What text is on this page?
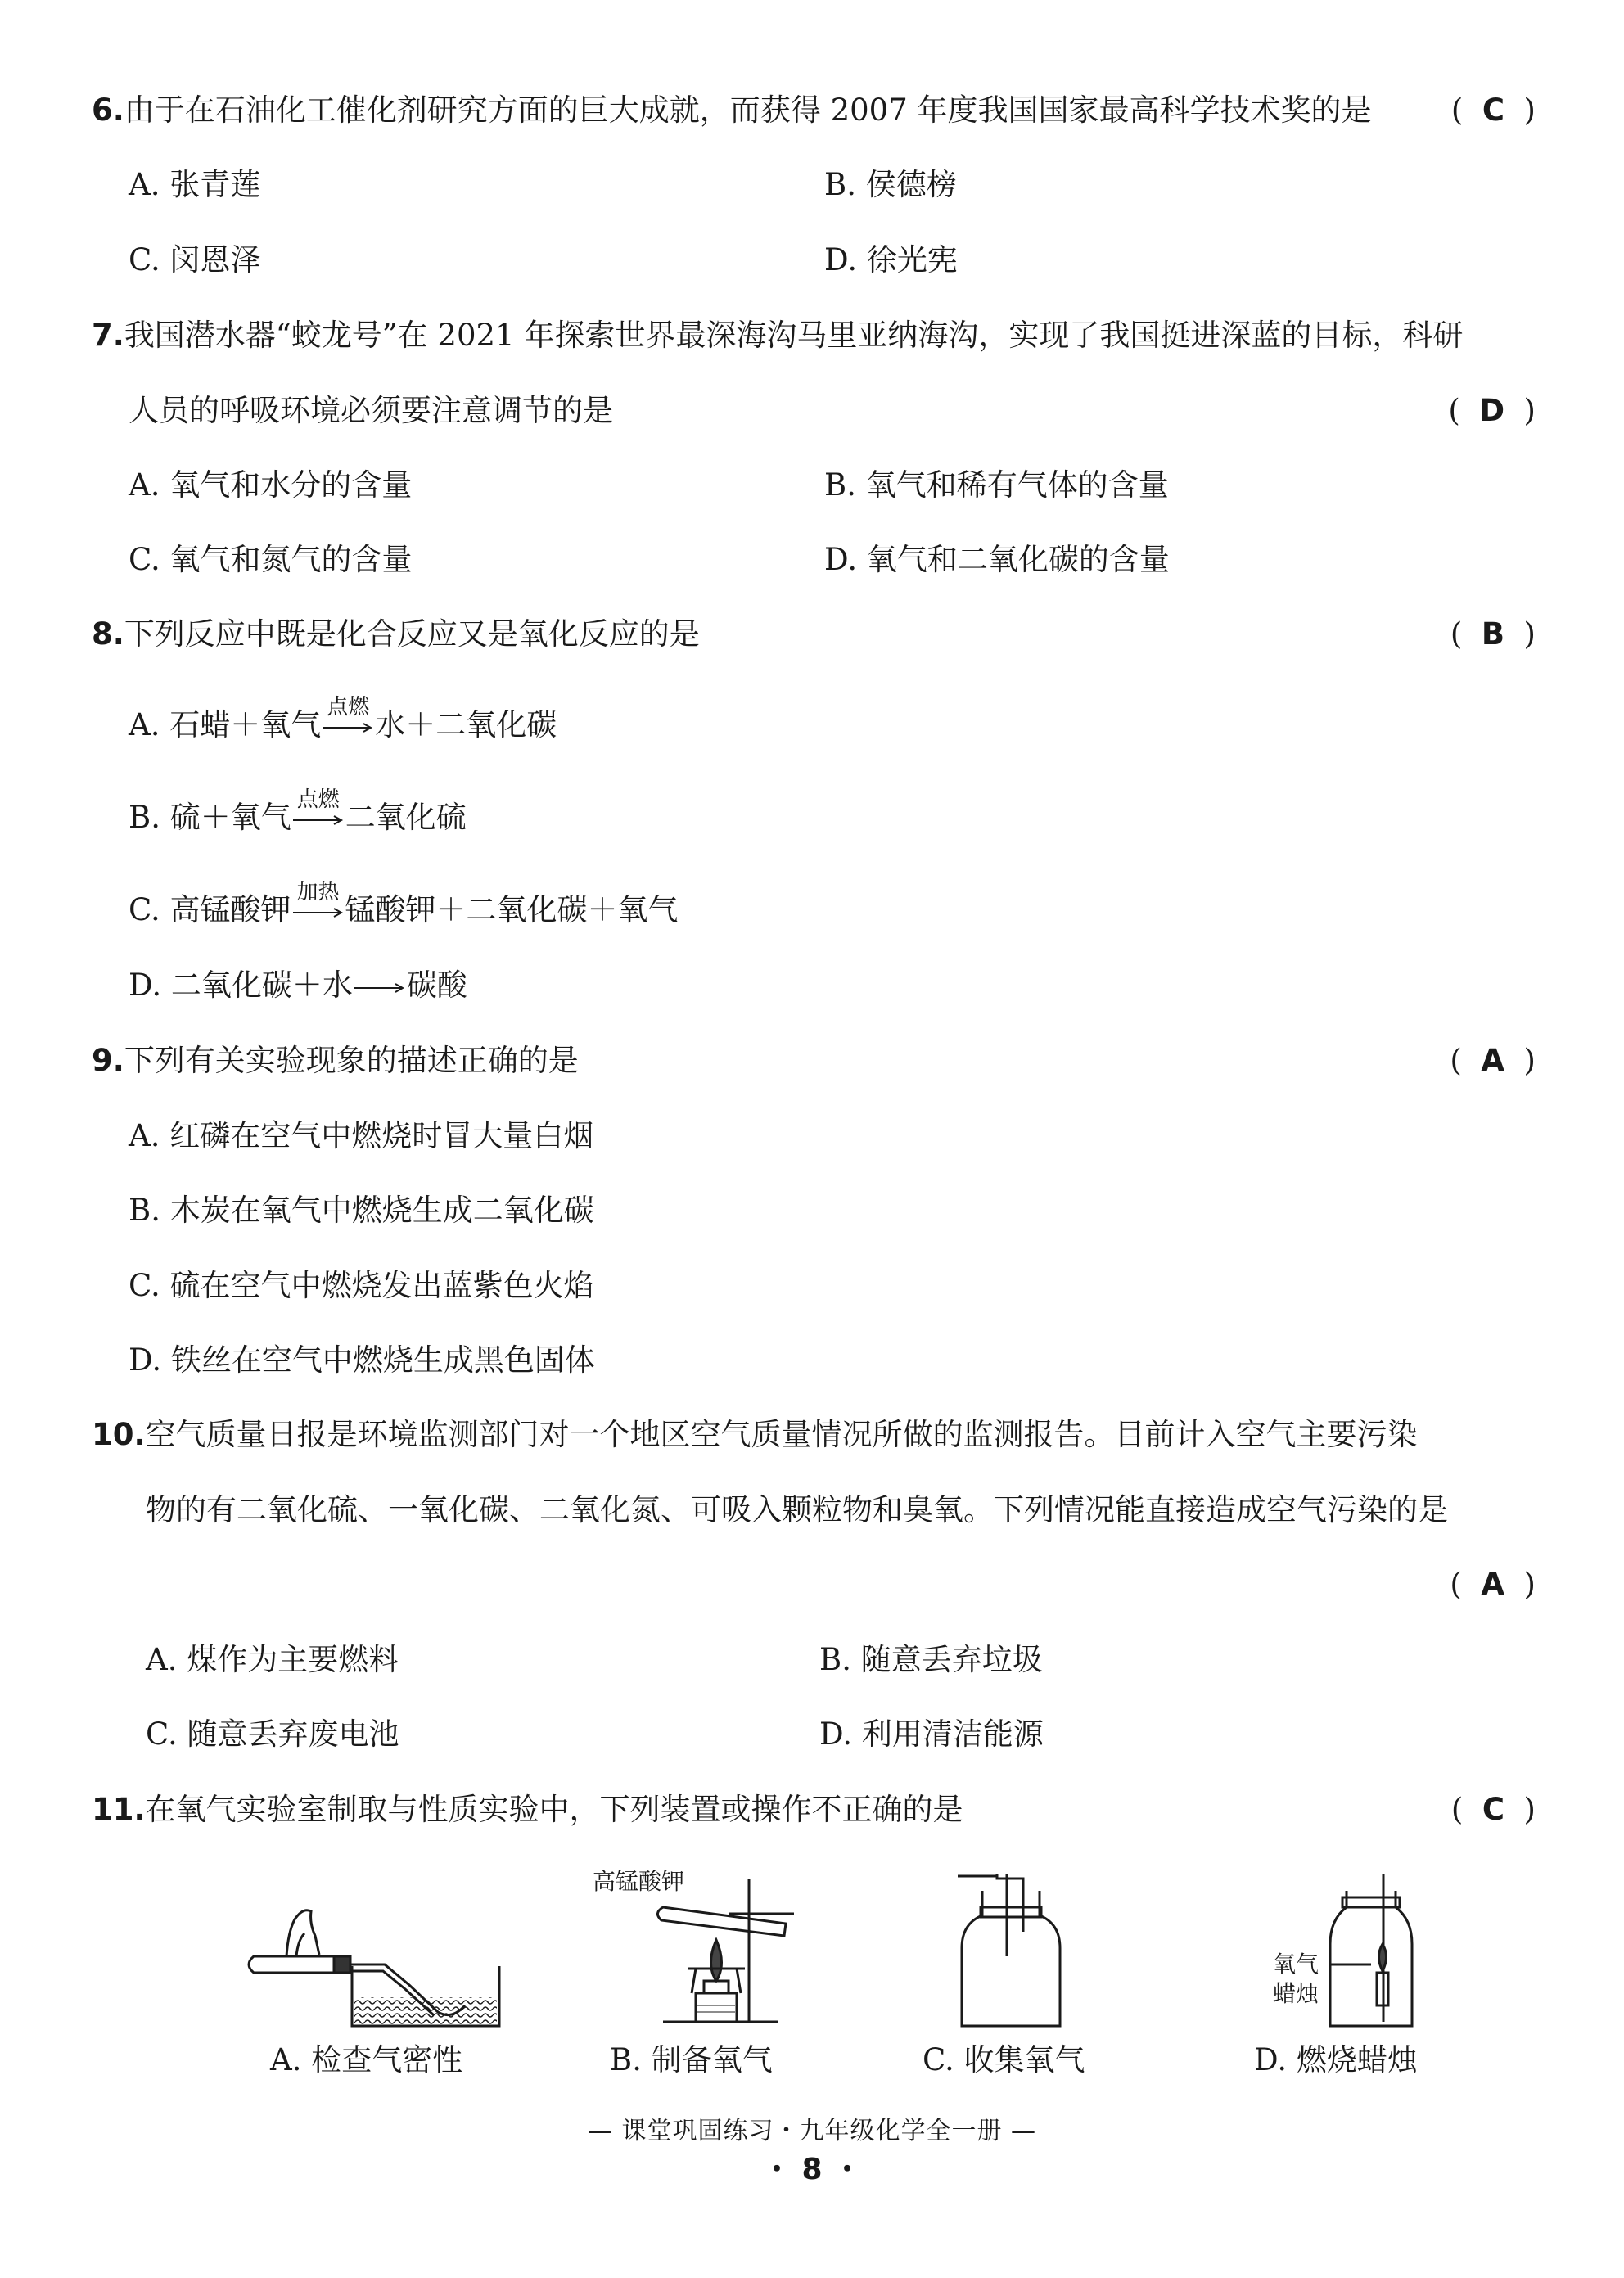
6.由于在石油化工催化剂研究方面的巨大成就，而获得 2007 年度我国国家最高科学技术奖的是	(  C  )
A. 张青莲	B. 侯德榜
C. 闵恩泽	D. 徐光宪
7.我国潜水器“蛟龙号”在 2021 年探索世界最深海沟马里亚纳海沟，实现了我国挺进深蓝的目标，科研
人员的呼吸环境必须要注意调节的是	(  D  )
A. 氧气和水分的含量	B. 氧气和稀有气体的含量
C. 氧气和氮气的含量	D. 氧气和二氧化碳的含量
8.下列反应中既是化合反应又是氧化反应的是	(  B  )
A. 石蜡＋氧气
点燃
水＋二氧化碳
B. 硫＋氧气
点燃
二氧化硫
C. 高锰酸钾
加热
锰酸钾＋二氧化碳＋氧气
D. 二氧化碳＋水 → 碳酸
9.下列有关实验现象的描述正确的是	(  A  )
A. 红磷在空气中燃烧时冒大量白烟
B. 木炭在氧气中燃烧生成二氧化碳
C. 硫在空气中燃烧发出蓝紫色火焰
D. 铁丝在空气中燃烧生成黑色固体
10.空气质量日报是环境监测部门对一个地区空气质量情况所做的监测报告。目前计入空气主要污染
物的有二氧化硫、一氧化碳、二氧化氮、可吸入颗粒物和臭氧。下列情况能直接造成空气污染的是
(  A  )
A. 煤作为主要燃料	B. 随意丢弃垃圾
C. 随意丢弃废电池	D. 利用清洁能源
11.在氧气实验室制取与性质实验中，下列装置或操作不正确的是	(  C  )
高锰酸钾
氧气
蜡烛
A. 检查气密性	B. 制备氧气	C. 收集氧气	D. 燃烧蜡烛
— 课堂巩固练习・九年级化学全一册 —
・ 8 ・
